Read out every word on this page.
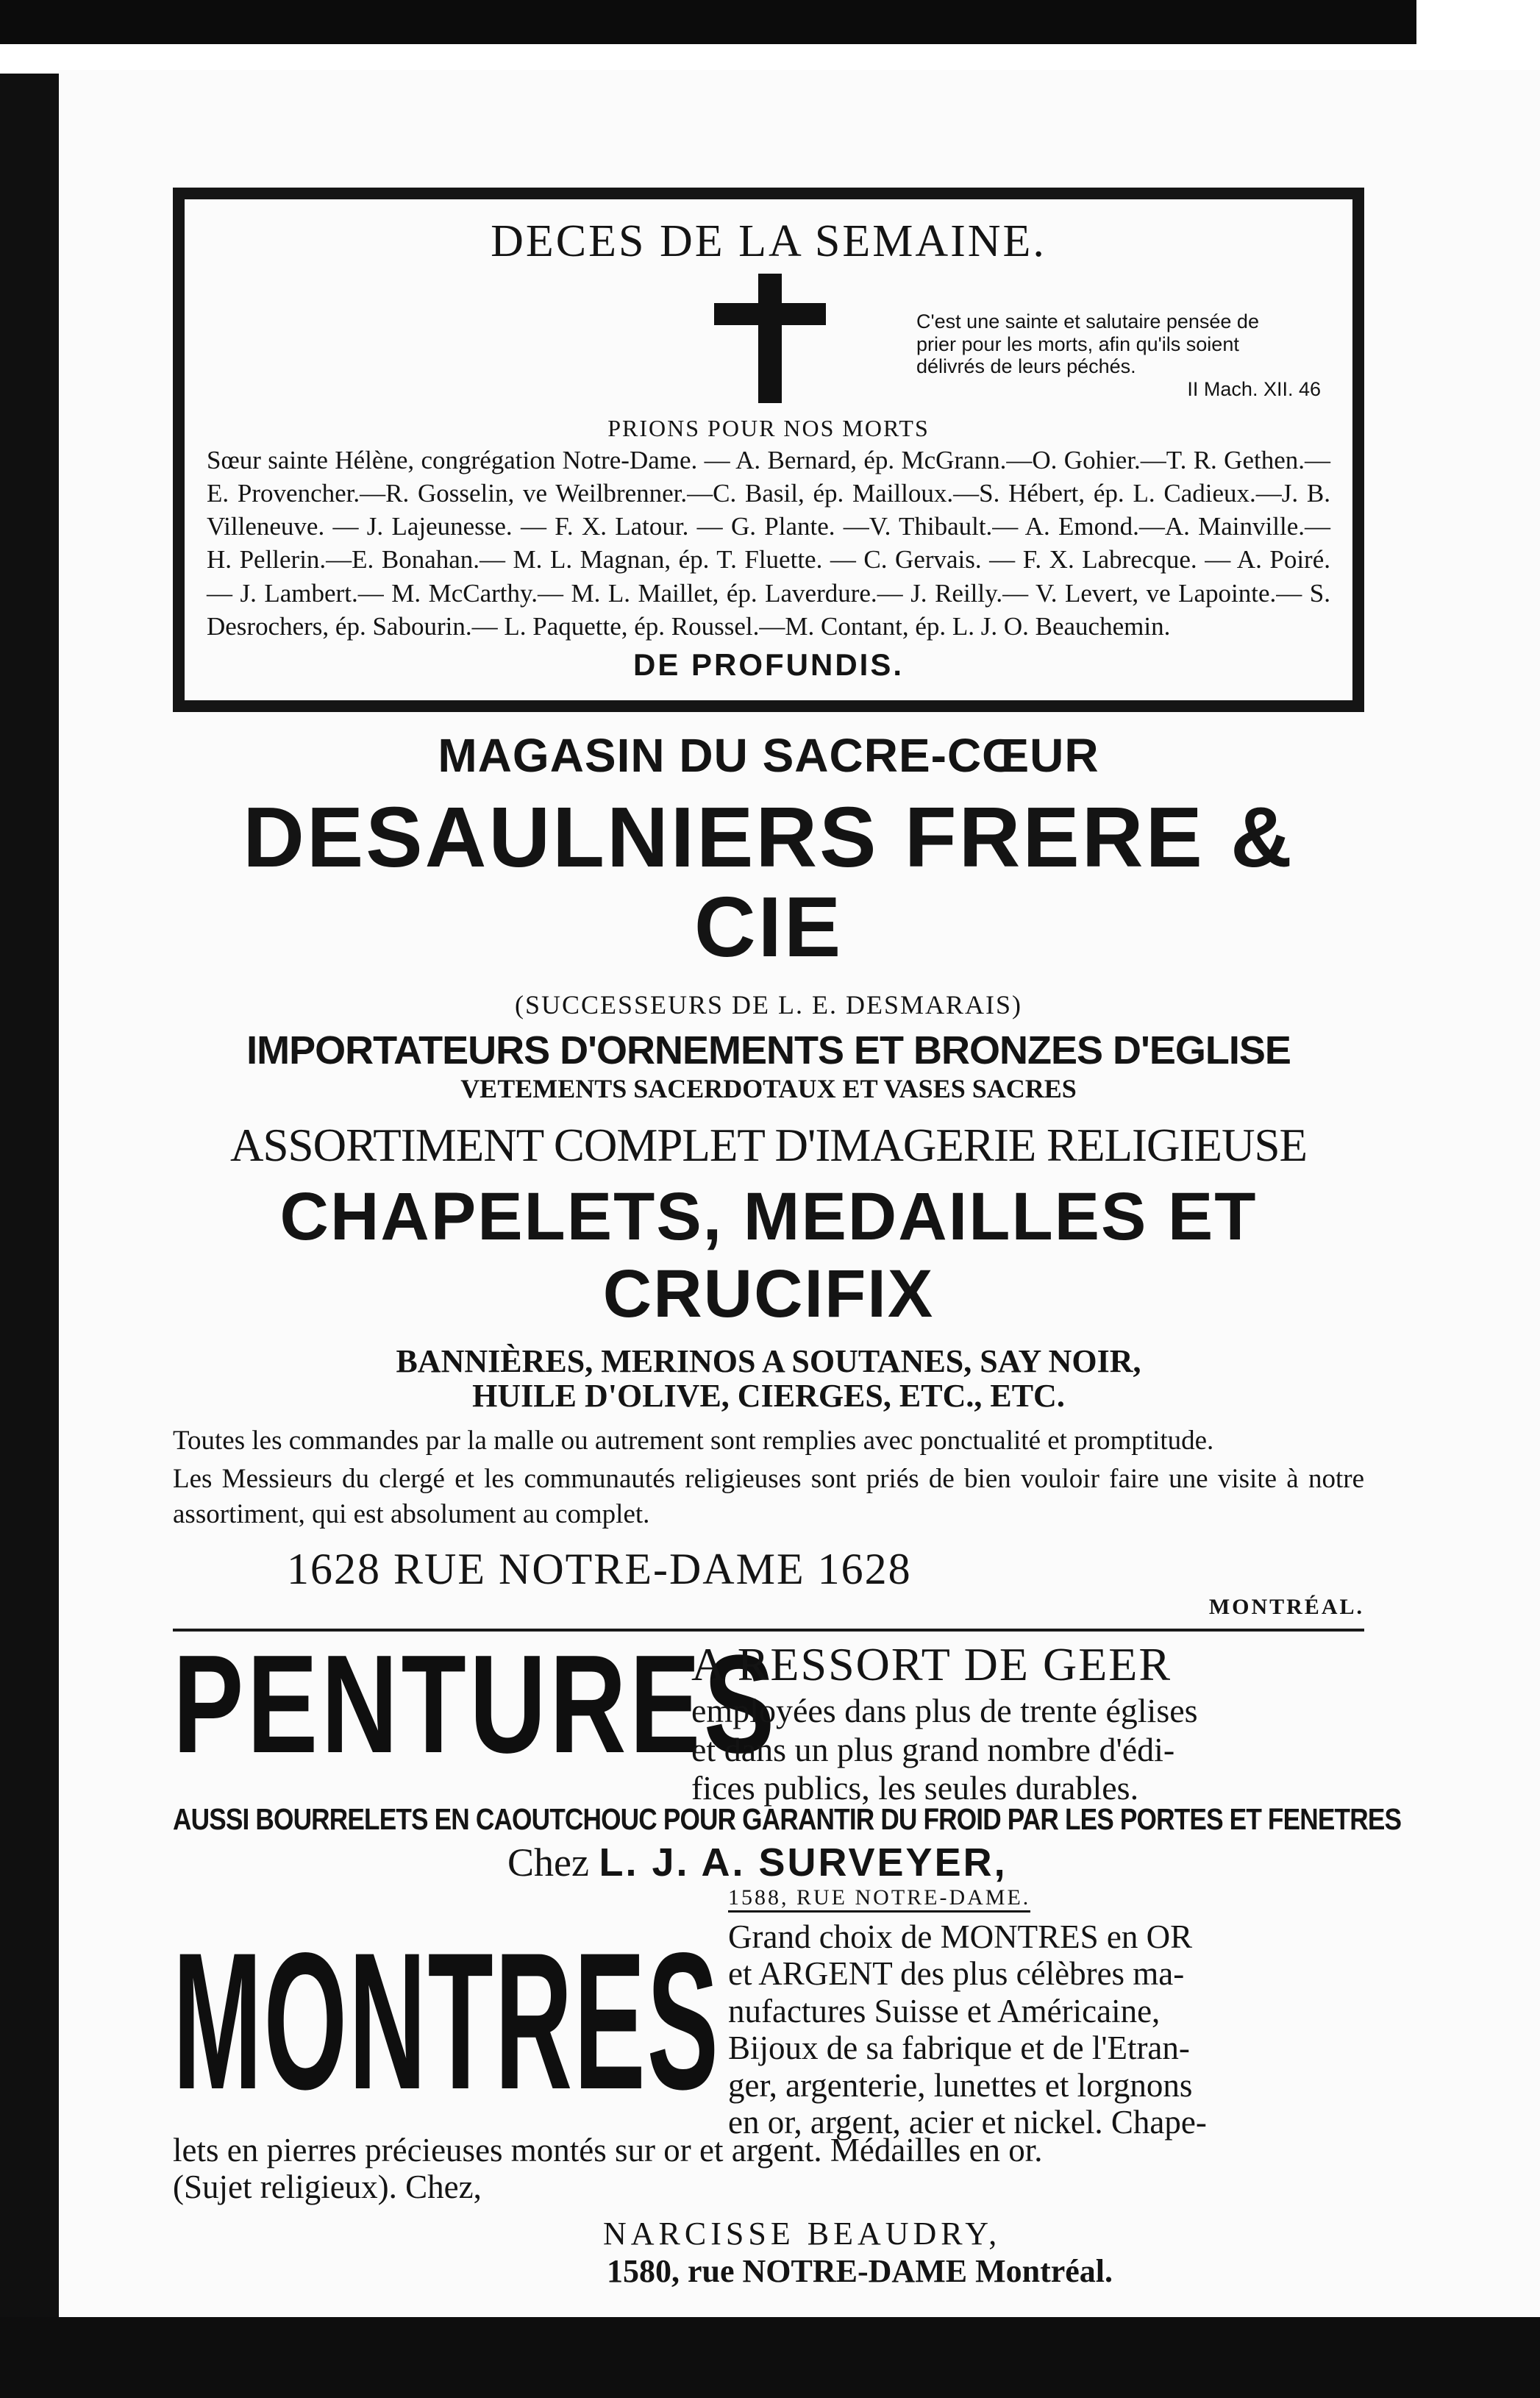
DECES DE LA SEMAINE.

C'est une sainte et salutaire pensée de
prier pour les morts, afin qu'ils soient
délivrés de leurs péchés.
II Mach. XII. 46

PRIONS POUR NOS MORTS

Sœur sainte Hélène, congrégation Notre-Dame. — A. Bernard, ép. McGrann.—O. Gohier.—T. R. Gethen.—E. Provencher.—R. Gosselin, ve Weilbrenner.—C. Basil, ép. Mailloux.—S. Hébert, ép. L. Cadieux.—J. B. Villeneuve. — J. Lajeunesse. — F. X. Latour. — G. Plante. —V. Thibault.— A. Emond.—A. Mainville.— H. Pellerin.—E. Bonahan.— M. L. Magnan, ép. T. Fluette. — C. Gervais. — F. X. Labrecque. — A. Poiré.— J. Lambert.— M. McCarthy.— M. L. Maillet, ép. Laverdure.— J. Reilly.— V. Levert, ve Lapointe.— S. Desrochers, ép. Sabourin.— L. Paquette, ép. Roussel.—M. Contant, ép. L. J. O. Beauchemin.

DE PROFUNDIS.

MAGASIN DU SACRE-CŒUR

DESAULNIERS FRERE & CIE

(SUCCESSEURS DE L. E. DESMARAIS)

IMPORTATEURS D'ORNEMENTS ET BRONZES D'EGLISE

VETEMENTS SACERDOTAUX ET VASES SACRES

ASSORTIMENT COMPLET D'IMAGERIE RELIGIEUSE

CHAPELETS, MEDAILLES ET CRUCIFIX

BANNIÈRES, MERINOS A SOUTANES, SAY NOIR,

HUILE D'OLIVE, CIERGES, ETC., ETC.

Toutes les commandes par la malle ou autrement sont remplies avec ponctualité et promptitude.

Les Messieurs du clergé et les communautés religieuses sont priés de bien vouloir faire une visite à notre assortiment, qui est absolument au complet.

1628 RUE NOTRE-DAME 1628

MONTRÉAL.

PENTURES

A RESSORT DE GEER

employées dans plus de trente églises

et dans un plus grand nombre d'édi-

fices publics, les seules durables.

AUSSI BOURRELETS EN CAOUTCHOUC POUR GARANTIR DU FROID PAR LES PORTES ET FENETRES

Chez L. J. A. SURVEYER,

1588, RUE NOTRE-DAME.
MONTRES Grand choix de MONTRES en OR

et ARGENT des plus célèbres ma-

nufactures Suisse et Américaine,

Bijoux de sa fabrique et de l'Etran-

ger, argenterie, lunettes et lorgnons

en or, argent, acier et nickel. Chape-

lets en pierres précieuses montés sur or et argent. Médailles en or.

(Sujet religieux). Chez,

NARCISSE BEAUDRY,

1580, rue NOTRE-DAME Montréal.
